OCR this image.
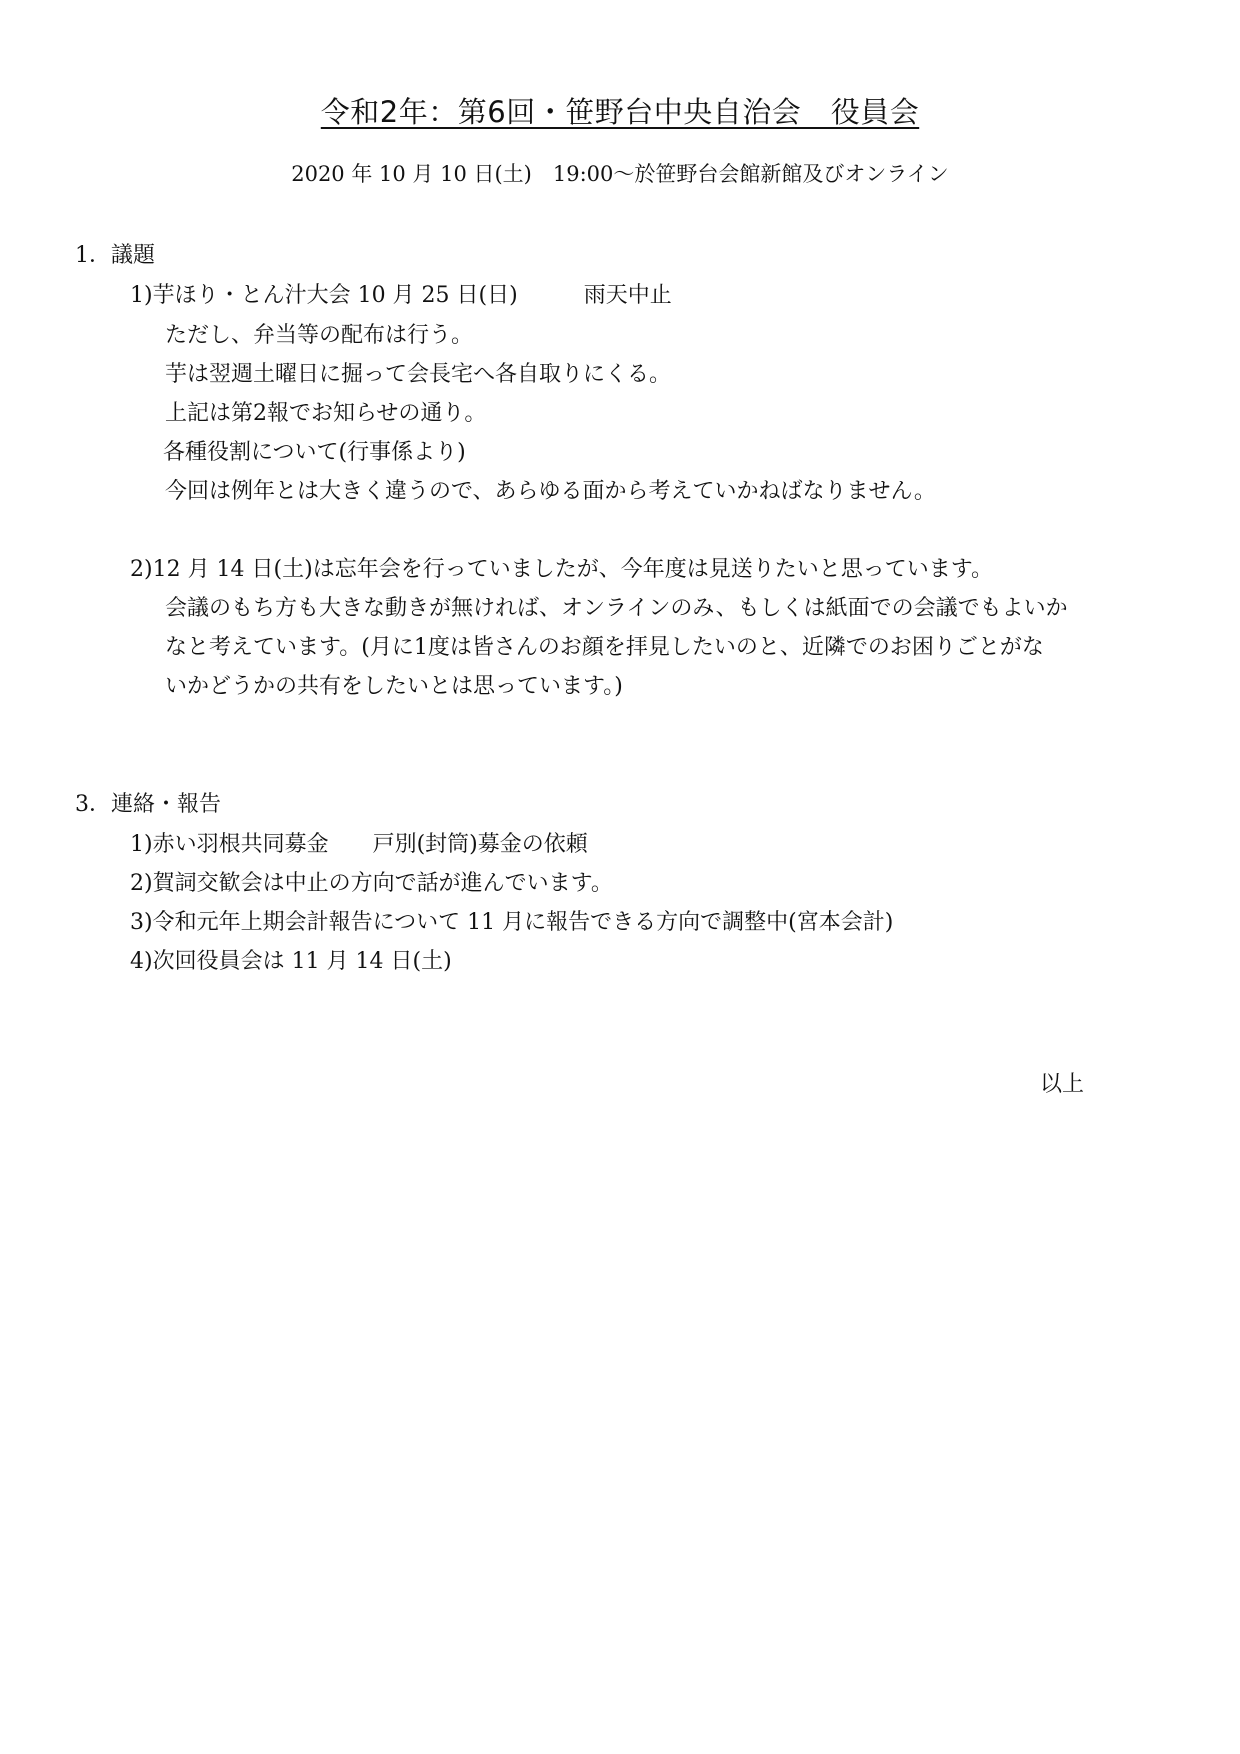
令和2年：第6回・笹野台中央自治会　役員会
2020 年 10 月 10 日(土)　19:00～於笹野台会館新館及びオンライン
1．議題
1)芋ほり・とん汁大会 10 月 25 日(日)　　　雨天中止
ただし、弁当等の配布は行う。
芋は翌週土曜日に掘って会長宅へ各自取りにくる。
上記は第2報でお知らせの通り。
各種役割について(行事係より)
今回は例年とは大きく違うので、あらゆる面から考えていかねばなりません。
2)12 月 14 日(土)は忘年会を行っていましたが、今年度は見送りたいと思っています。
会議のもち方も大きな動きが無ければ、オンラインのみ、もしくは紙面での会議でもよいか
なと考えています。(月に1度は皆さんのお顔を拝見したいのと、近隣でのお困りごとがな
いかどうかの共有をしたいとは思っています。)
3．連絡・報告
1)赤い羽根共同募金　　戸別(封筒)募金の依頼
2)賀詞交歓会は中止の方向で話が進んでいます。
3)令和元年上期会計報告について 11 月に報告できる方向で調整中(宮本会計)
4)次回役員会は 11 月 14 日(土)
以上
